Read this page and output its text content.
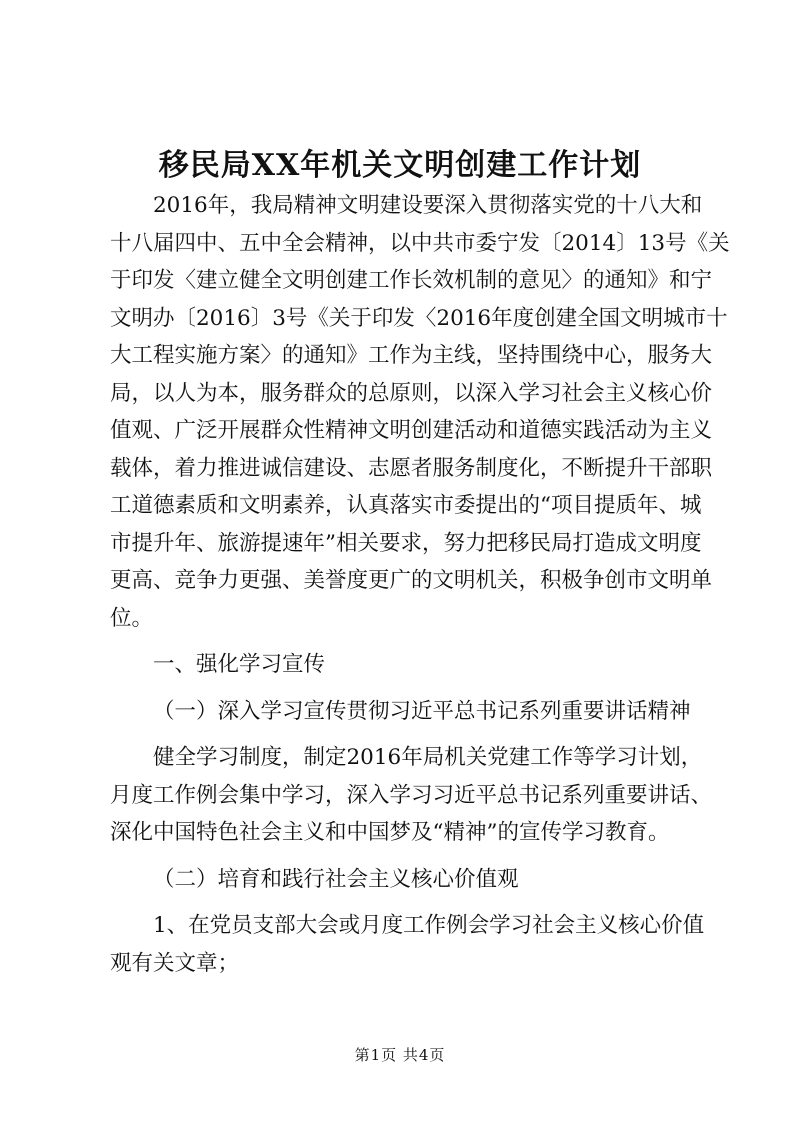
移民局XX年机关文明创建工作计划
2016年，我局精神文明建设要深入贯彻落实党的十八大和
十八届四中、五中全会精神，以中共市委宁发〔2014〕13号《关
于印发〈建立健全文明创建工作长效机制的意见〉的通知》和宁
文明办〔2016〕3号《关于印发〈2016年度创建全国文明城市十
大工程实施方案〉的通知》工作为主线，坚持围绕中心，服务大
局，以人为本，服务群众的总原则，以深入学习社会主义核心价
值观、广泛开展群众性精神文明创建活动和道德实践活动为主义
载体，着力推进诚信建设、志愿者服务制度化，不断提升干部职
工道德素质和文明素养，认真落实市委提出的“项目提质年、城
市提升年、旅游提速年”相关要求，努力把移民局打造成文明度
更高、竞争力更强、美誉度更广的文明机关，积极争创市文明单
位。
一、强化学习宣传
（一）深入学习宣传贯彻习近平总书记系列重要讲话精神
健全学习制度，制定2016年局机关党建工作等学习计划，
月度工作例会集中学习，深入学习习近平总书记系列重要讲话、
深化中国特色社会主义和中国梦及“精神”的宣传学习教育。
（二）培育和践行社会主义核心价值观
1、在党员支部大会或月度工作例会学习社会主义核心价值
观有关文章；
第1页 共4页
